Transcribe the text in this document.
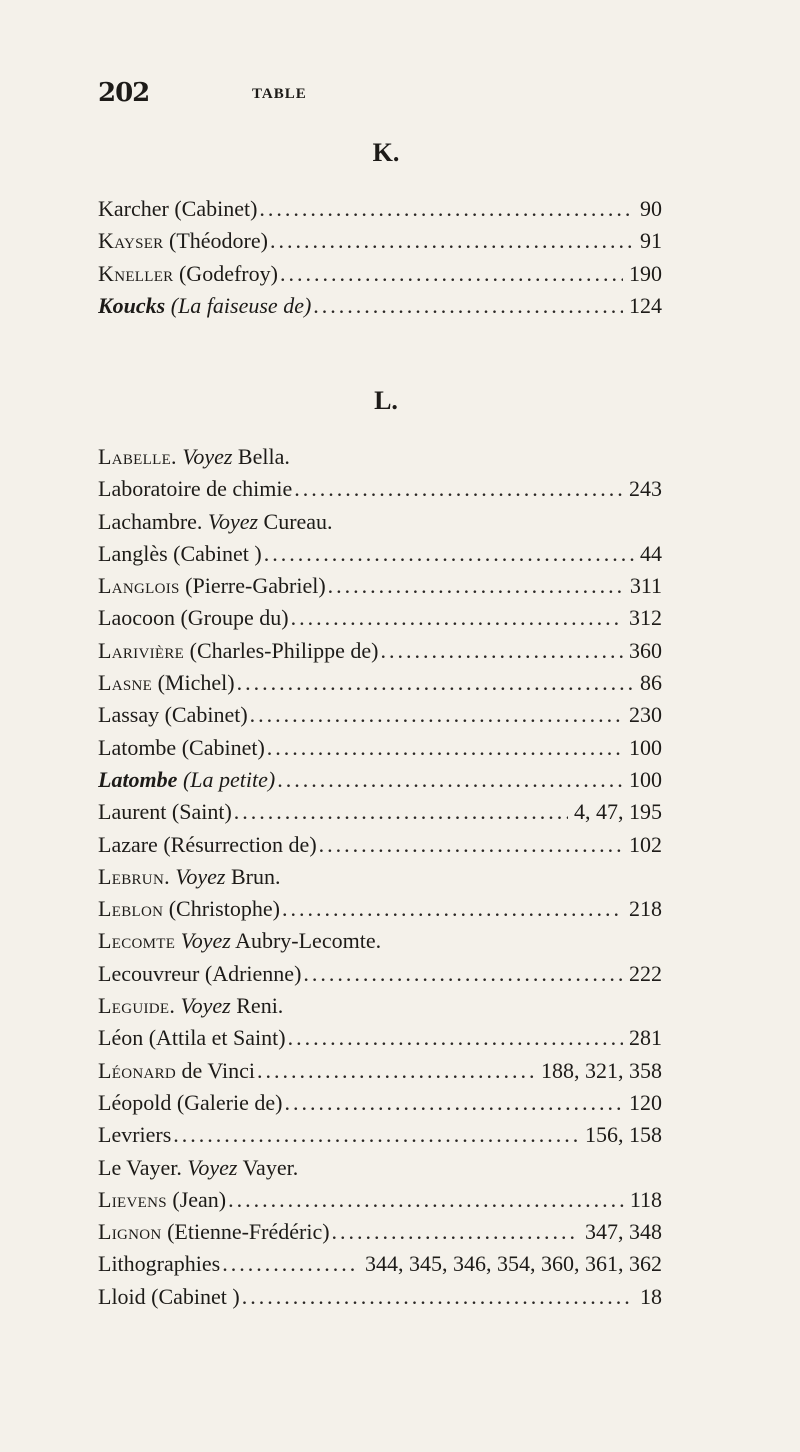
202	TABLE
K.
Karcher (Cabinet) .....	90
Kayser (Théodore) .....	91
Kneller (Godefroy) .....	190
Koucks (La faiseuse de) .....	124
L.
Labelle. Voyez Bella.
Laboratoire de chimie .....	243
Lachambre. Voyez Cureau.
Langlès (Cabinet ) .....	44
Langlois (Pierre-Gabriel) .....	311
Laocoon (Groupe du) .....	312
Larivière (Charles-Philippe de) .....	360
Lasne (Michel) .....	86
Lassay (Cabinet) .....	230
Latombe (Cabinet) .....	100
Latombe (La petite) .....	100
Laurent (Saint) .....	4, 47, 195
Lazare (Résurrection de) .....	102
Lebrun. Voyez Brun.
Leblon (Christophe) .....	218
Lecomte Voyez Aubry-Lecomte.
Lecouvreur (Adrienne) .....	222
Leguide. Voyez Reni.
Léon (Attila et Saint) .....	281
Léonard de Vinci .....	188, 321, 358
Léopold (Galerie de) .....	120
Levriers .....	156, 158
Le Vayer. Voyez Vayer.
Lievens (Jean) .....	118
Lignon (Etienne-Frédéric) .....	347, 348
Lithographies .....	344, 345, 346, 354, 360, 361, 362
Lloid (Cabinet ) .....	18
